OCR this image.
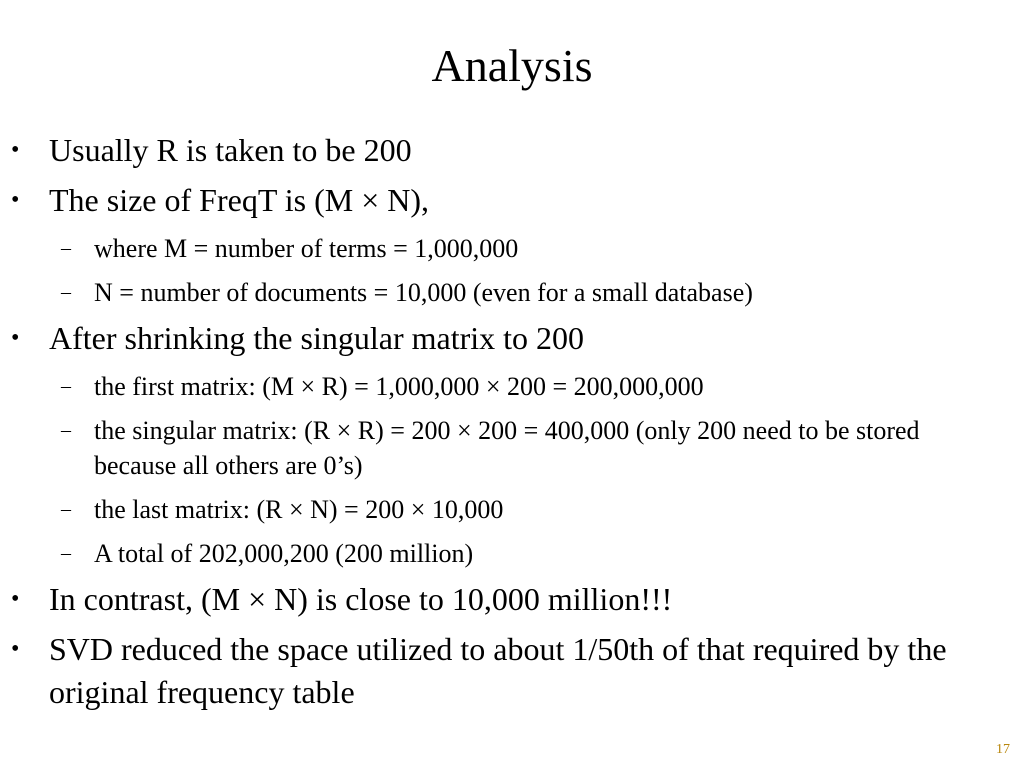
Analysis
• Usually R is taken to be 200
• The size of FreqT is (M × N),
– where M = number of terms = 1,000,000
– N = number of documents = 10,000 (even for a small database)
• After shrinking the singular matrix to 200
– the first matrix: (M × R) = 1,000,000 × 200 = 200,000,000
– the singular matrix: (R × R) = 200 × 200 = 400,000 (only 200 need to be stored because all others are 0’s)
– the last matrix: (R × N) = 200 × 10,000
– A total of 202,000,200 (200 million)
• In contrast, (M × N) is close to 10,000 million!!!
• SVD reduced the space utilized to about 1/50th of that required by the original frequency table
17
